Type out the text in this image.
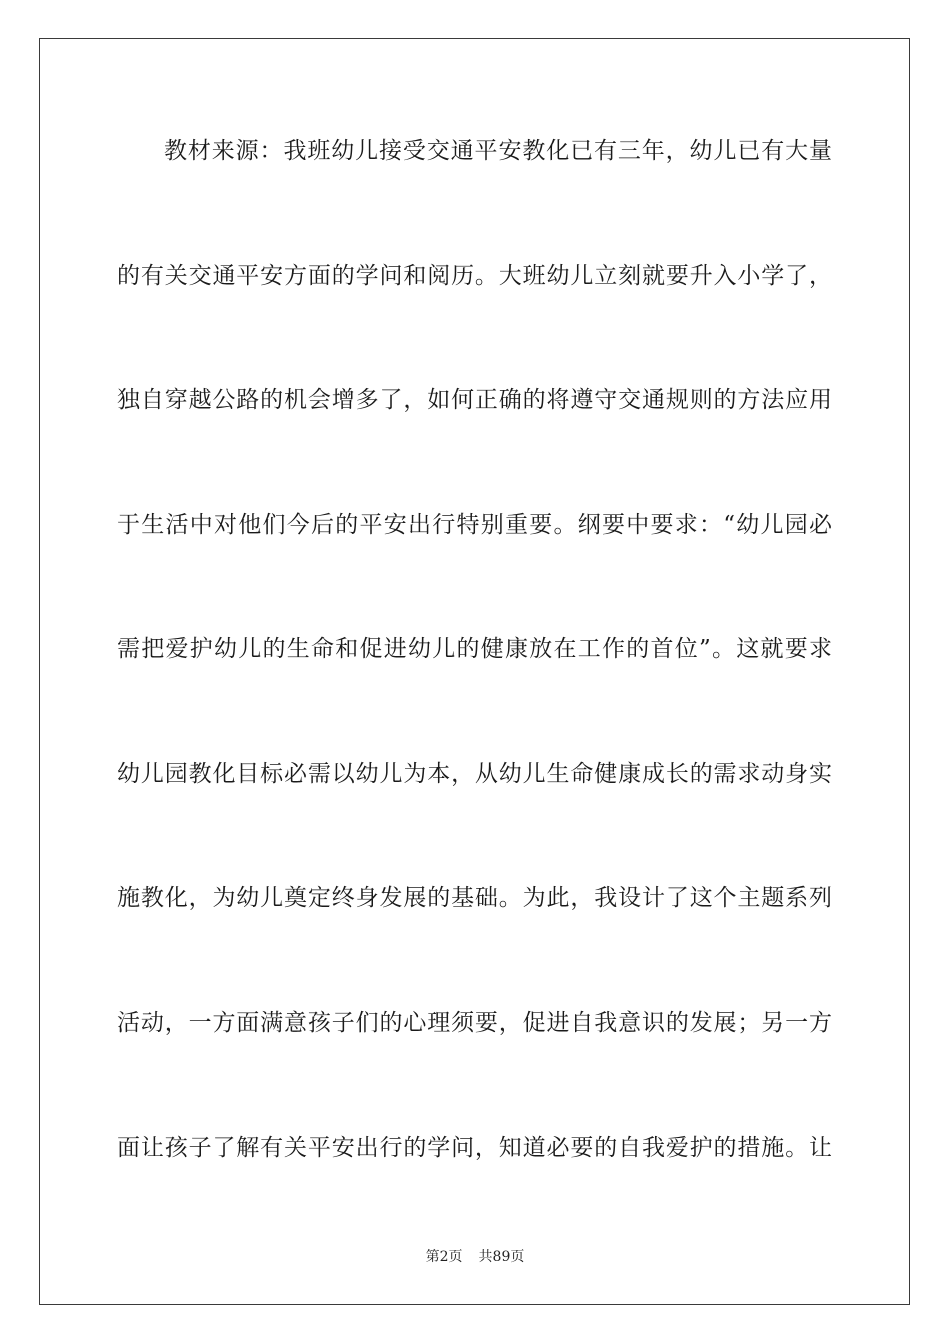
教材来源：我班幼儿接受交通平安教化已有三年，幼儿已有大量
的有关交通平安方面的学问和阅历。大班幼儿立刻就要升入小学了，
独自穿越公路的机会增多了，如何正确的将遵守交通规则的方法应用
于生活中对他们今后的平安出行特别重要。纲要中要求：“幼儿园必
需把爱护幼儿的生命和促进幼儿的健康放在工作的首位”。这就要求
幼儿园教化目标必需以幼儿为本，从幼儿生命健康成长的需求动身实
施教化，为幼儿奠定终身发展的基础。为此，我设计了这个主题系列
活动，一方面满意孩子们的心理须要，促进自我意识的发展；另一方
面让孩子了解有关平安出行的学问，知道必要的自我爱护的措施。让
第2页 共89页
